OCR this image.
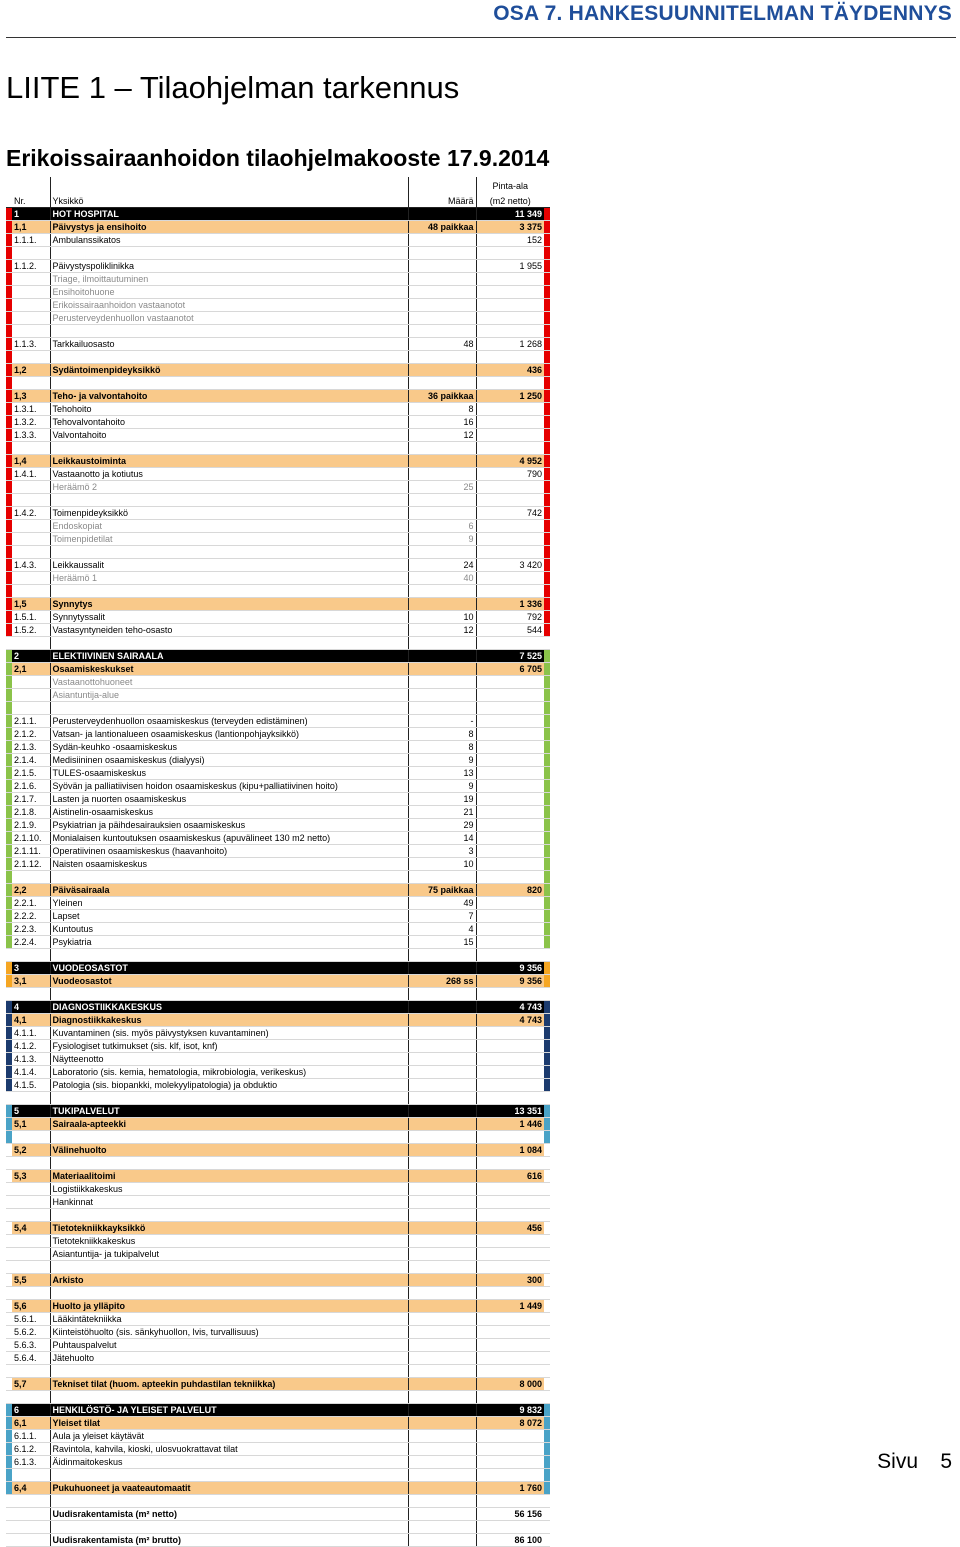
OSA 7. HANKESUUNNITELMAN TÄYDENNYS
LIITE 1 – Tilaohjelman tarkennus
Erikoissairaanhoidon tilaohjelmakooste 17.9.2014
				Pinta-ala	
	Nr.	Yksikkö	Määrä	(m2 netto)	
	1	HOT HOSPITAL		11 349	
	1,1	Päivystys ja ensihoito	48 paikkaa	3 375	
	1.1.1.	Ambulanssikatos		152	

	1.1.2.	Päivystyspoliklinikka		1 955	
		Triage, ilmoittautuminen			
		Ensihoitohuone			
		Erikoissairaanhoidon vastaanotot			
		Perusterveydenhuollon vastaanotot			

	1.1.3.	Tarkkailuosasto	48	1 268	

	1,2	Sydäntoimenpideyksikkö		436	

	1,3	Teho- ja valvontahoito	36 paikkaa	1 250	
	1.3.1.	Tehohoito	8		
	1.3.2.	Tehovalvontahoito	16		
	1.3.3.	Valvontahoito	12		

	1,4	Leikkaustoiminta		4 952	
	1.4.1.	Vastaanotto ja kotiutus		790	
		Heräämö 2	25		

	1.4.2.	Toimenpideyksikkö		742	
		Endoskopiat	6		
		Toimenpidetilat	9		

	1.4.3.	Leikkaussalit	24	3 420	
		Heräämö 1	40		

	1,5	Synnytys		1 336	
	1.5.1.	Synnytyssalit	10	792	
	1.5.2.	Vastasyntyneiden teho-osasto	12	544	

	2	ELEKTIIVINEN SAIRAALA		7 525	
	2,1	Osaamiskeskukset		6 705	
		Vastaanottohuoneet			
		Asiantuntija-alue			

	2.1.1.	Perusterveydenhuollon osaamiskeskus (terveyden edistäminen)	-		
	2.1.2.	Vatsan- ja lantionalueen osaamiskeskus (lantionpohjayksikkö)	8		
	2.1.3.	Sydän-keuhko -osaamiskeskus	8		
	2.1.4.	Medisiininen osaamiskeskus (dialyysi)	9		
	2.1.5.	TULES-osaamiskeskus	13		
	2.1.6.	Syövän ja palliatiivisen hoidon osaamiskeskus (kipu+palliatiivinen hoito)	9		
	2.1.7.	Lasten ja nuorten osaamiskeskus	19		
	2.1.8.	Aistinelin-osaamiskeskus	21		
	2.1.9.	Psykiatrian ja päihdesairauksien osaamiskeskus	29		
	2.1.10.	Monialaisen kuntoutuksen osaamiskeskus (apuvälineet 130 m2 netto)	14		
	2.1.11.	Operatiivinen osaamiskeskus (haavanhoito)	3		
	2.1.12.	Naisten osaamiskeskus	10		

	2,2	Päiväsairaala	75 paikkaa	820	
	2.2.1.	Yleinen	49		
	2.2.2.	Lapset	7		
	2.2.3.	Kuntoutus	4		
	2.2.4.	Psykiatria	15		

	3	VUODEOSASTOT		9 356	
	3,1	Vuodeosastot	268 ss	9 356	

	4	DIAGNOSTIIKKAKESKUS		4 743	
	4,1	Diagnostiikkakeskus		4 743	
	4.1.1.	Kuvantaminen (sis. myös päivystyksen kuvantaminen)			
	4.1.2.	Fysiologiset tutkimukset (sis. klf, isot, knf)			
	4.1.3.	Näytteenotto			
	4.1.4.	Laboratorio (sis. kemia, hematologia, mikrobiologia, verikeskus)			
	4.1.5.	Patologia (sis. biopankki, molekyylipatologia) ja obduktio			

	5	TUKIPALVELUT		13 351	
	5,1	Sairaala-apteekki		1 446	

	5,2	Välinehuolto		1 084	

	5,3	Materiaalitoimi		616	
		Logistiikkakeskus			
		Hankinnat			

	5,4	Tietotekniikkayksikkö		456	
		Tietotekniikkakeskus			
		Asiantuntija- ja tukipalvelut			

	5,5	Arkisto		300	

	5,6	Huolto ja ylläpito		1 449	
	5.6.1.	Lääkintätekniikka			
	5.6.2.	Kiinteistöhuolto (sis. sänkyhuollon, lvis, turvallisuus)			
	5.6.3.	Puhtauspalvelut			
	5.6.4.	Jätehuolto			

	5,7	Tekniset tilat (huom. apteekin puhdastilan tekniikka)		8 000	

	6	HENKILÖSTÖ- JA YLEISET PALVELUT		9 832	
	6,1	Yleiset tilat		8 072	
	6.1.1.	Aula ja yleiset käytävät			
	6.1.2.	Ravintola, kahvila, kioski, ulosvuokrattavat tilat			
	6.1.3.	Äidinmaitokeskus			

	6,4	Pukuhuoneet ja vaateautomaatit		1 760	

		Uudisrakentamista (m² netto)		56 156	

		Uudisrakentamista (m² brutto)		86 100	
Sivu 5
